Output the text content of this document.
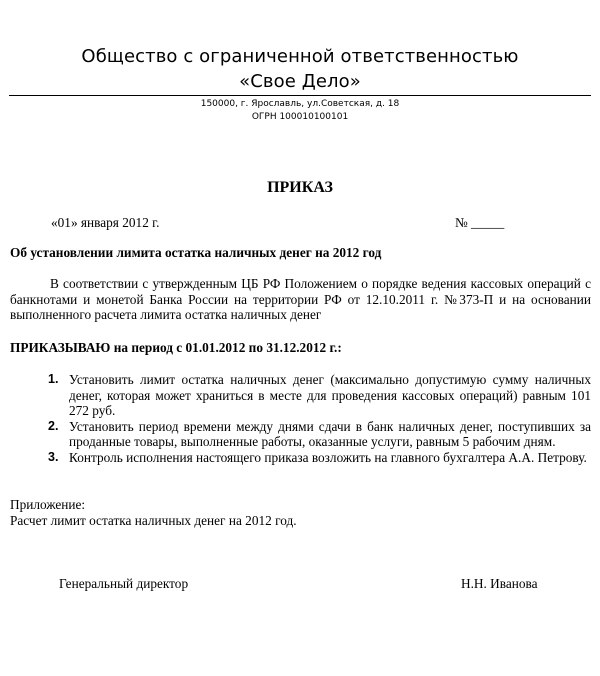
Общество с ограниченной ответственностью
«Свое Дело»
150000, г. Ярославль, ул.Советская, д. 18
ОГРН 100010100101
ПРИКАЗ
«01» января 2012 г.	№ _____
Об установлении лимита остатка наличных денег на 2012 год

В соответствии с утвержденным ЦБ РФ Положением о порядке ведения кассовых операций с банкнотами и монетой Банка России на территории РФ от 12.10.2011 г. №373-П и на основании выполненного расчета лимита остатка наличных денег

ПРИКАЗЫВАЮ на период с 01.01.2012 по 31.12.2012 г.:
1. Установить лимит остатка наличных денег (максимально допустимую сумму наличных денег, которая может храниться в месте для проведения кассовых операций) равным 101 272 руб.
2. Установить период времени между днями сдачи в банк наличных денег, поступивших за проданные товары, выполненные работы, оказанные услуги, равным 5 рабочим дням.
3. Контроль исполнения настоящего приказа возложить на главного бухгалтера А.А. Петрову.
Приложение:
Расчет лимит остатка наличных денег на 2012 год.
Генеральный директор	Н.Н. Иванова
